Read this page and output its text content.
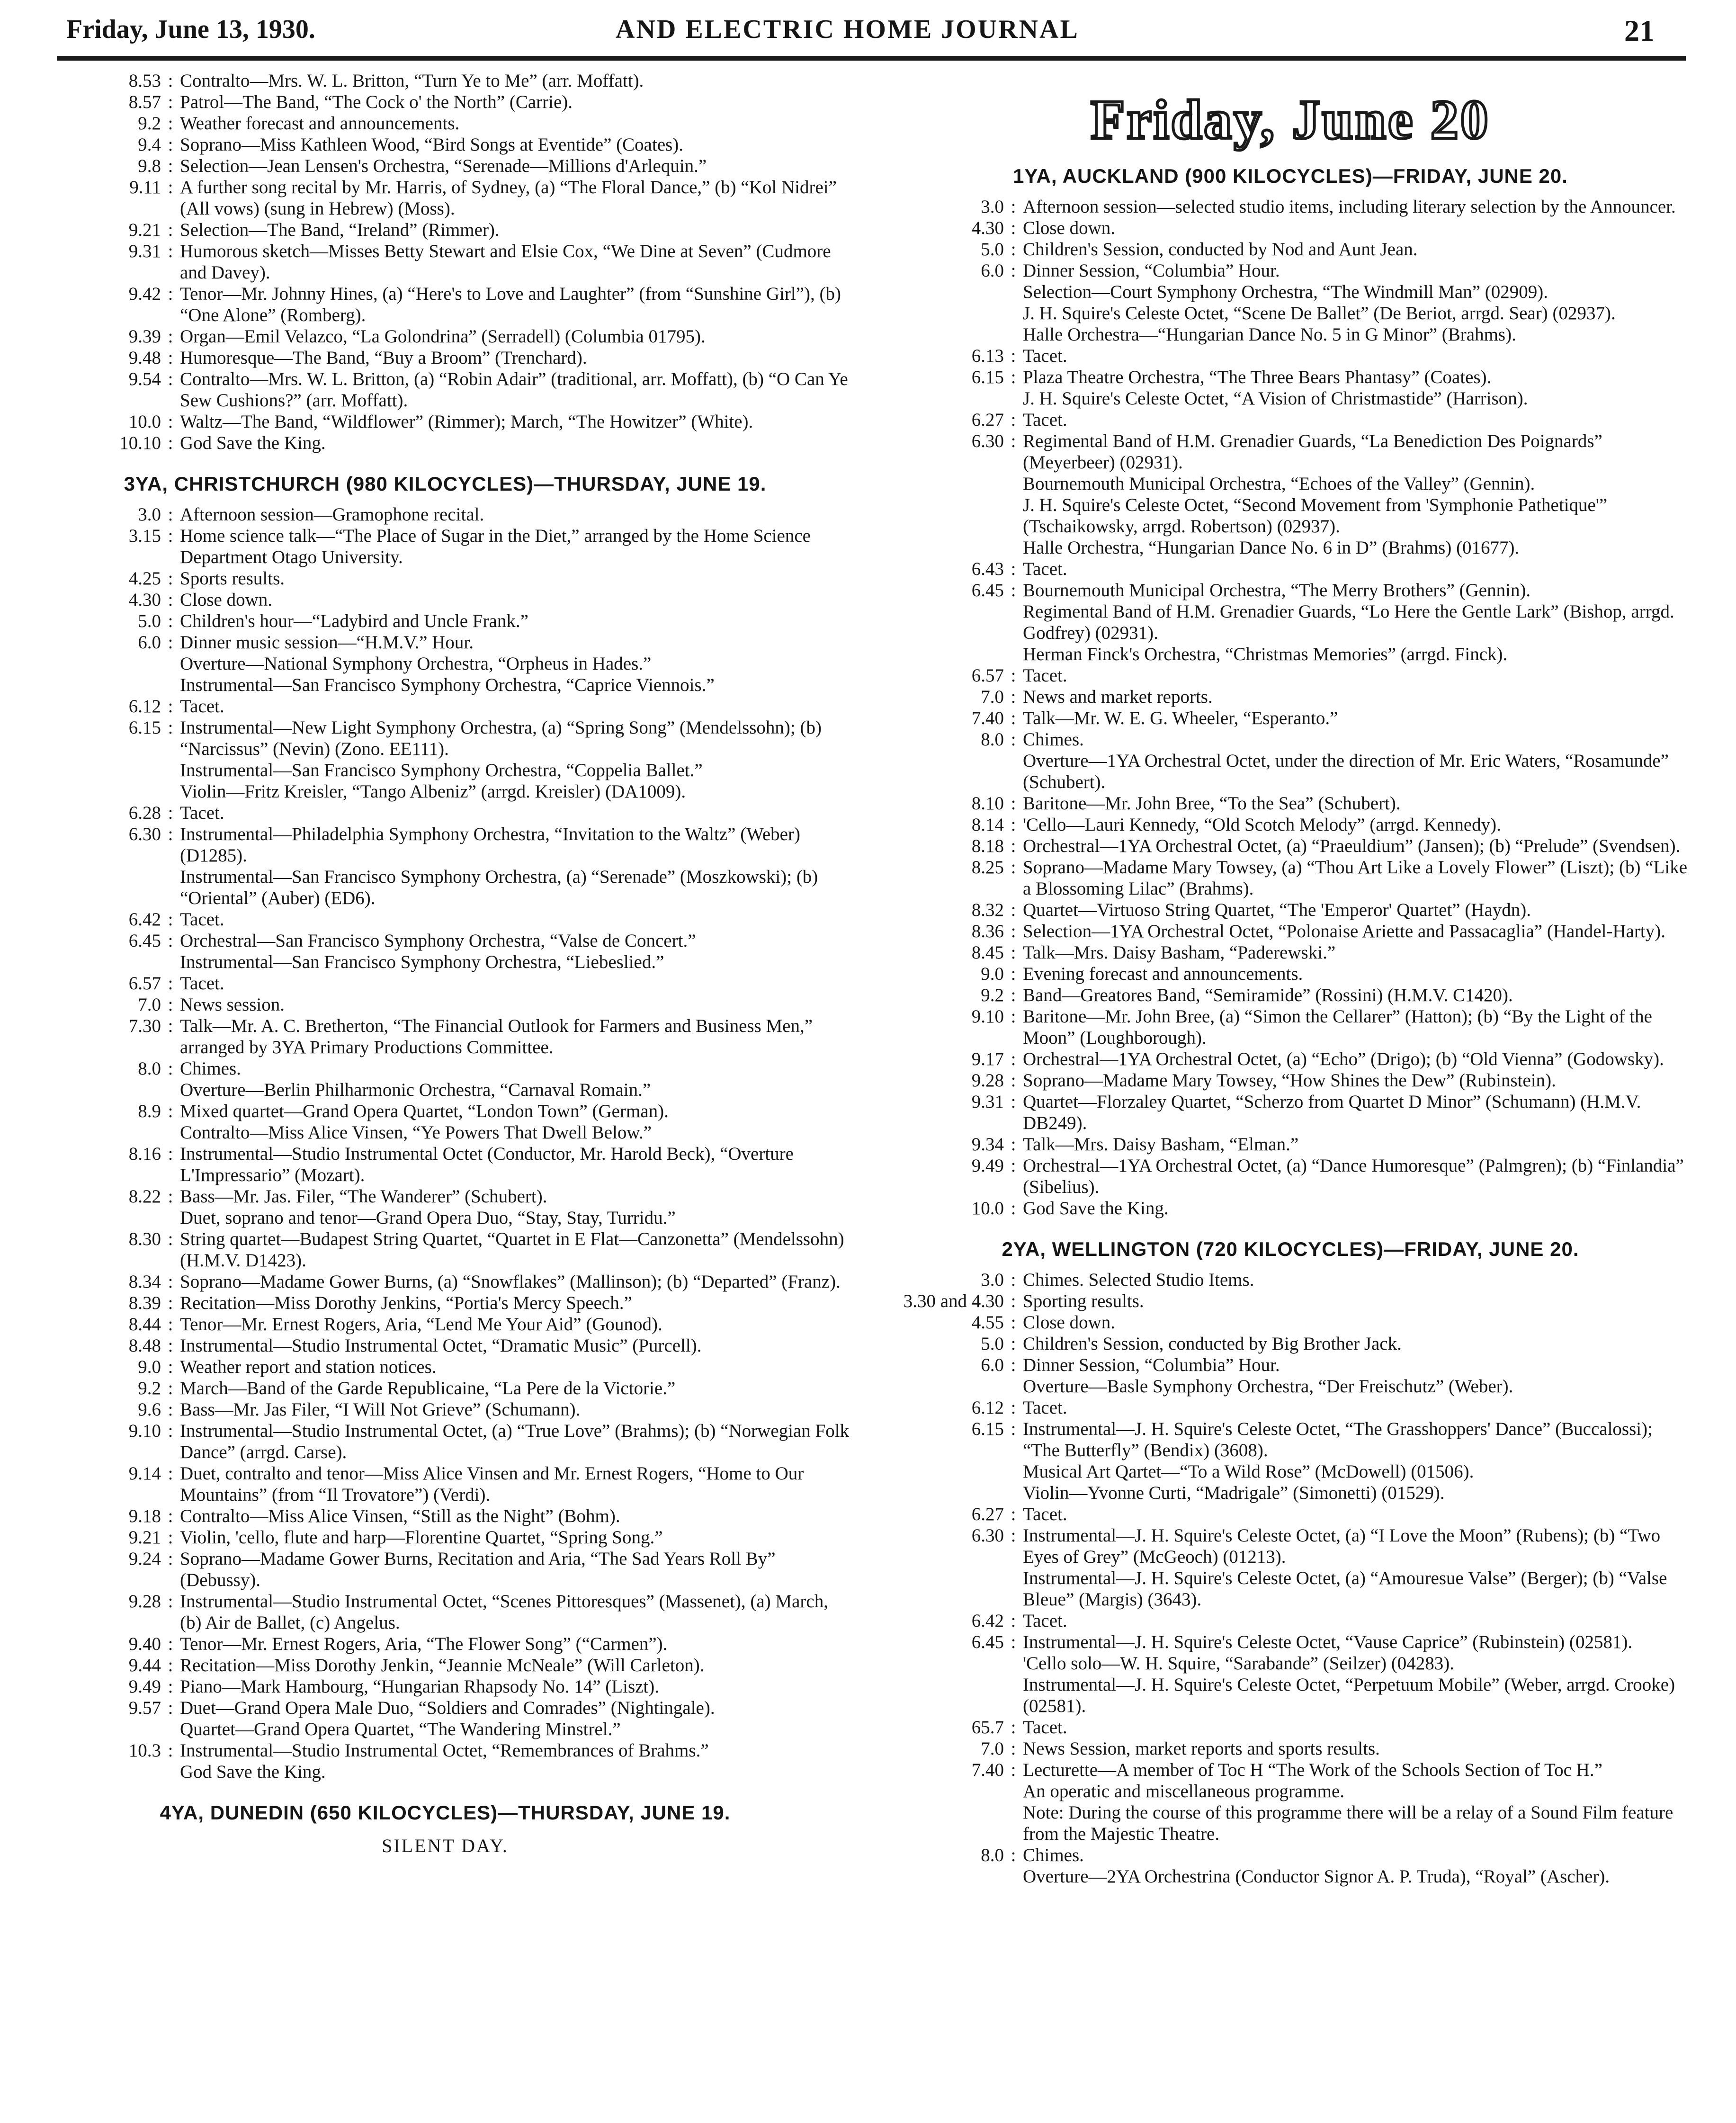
Friday, June 13, 1930.	AND ELECTRIC HOME JOURNAL	21
8.53 : Contralto—Mrs. W. L. Britton, “Turn Ye to Me” (arr. Moffatt).
8.57 : Patrol—The Band, “The Cock o' the North” (Carrie).
9.2 : Weather forecast and announcements.
9.4 : Soprano—Miss Kathleen Wood, “Bird Songs at Eventide” (Coates).
9.8 : Selection—Jean Lensen's Orchestra, “Serenade—Millions d'Arlequin.”
9.11 : A further song recital by Mr. Harris, of Sydney, (a) “The Floral Dance,” (b) “Kol Nidrei” (All vows) (sung in Hebrew) (Moss).
9.21 : Selection—The Band, “Ireland” (Rimmer).
9.31 : Humorous sketch—Misses Betty Stewart and Elsie Cox, “We Dine at Seven” (Cudmore and Davey).
9.42 : Tenor—Mr. Johnny Hines, (a) “Here's to Love and Laughter” (from “Sunshine Girl”), (b) “One Alone” (Romberg).
9.39 : Organ—Emil Velazco, “La Golondrina” (Serradell) (Columbia 01795).
9.48 : Humoresque—The Band, “Buy a Broom” (Trenchard).
9.54 : Contralto—Mrs. W. L. Britton, (a) “Robin Adair” (traditional, arr. Moffatt), (b) “O Can Ye Sew Cushions?” (arr. Moffatt).
10.0 : Waltz—The Band, “Wildflower” (Rimmer); March, “The Howitzer” (White).
10.10 : God Save the King.
3YA, CHRISTCHURCH (980 KILOCYCLES)—THURSDAY, JUNE 19.
3.0 : Afternoon session—Gramophone recital.
3.15 : Home science talk—“The Place of Sugar in the Diet,” arranged by the Home Science Department Otago University.
4.25 : Sports results.
4.30 : Close down.
5.0 : Children's hour—“Ladybird and Uncle Frank.”
6.0 : Dinner music session—“H.M.V.” Hour.
Overture—National Symphony Orchestra, “Orpheus in Hades.”
Instrumental—San Francisco Symphony Orchestra, “Caprice Viennois.”
6.12 : Tacet.
6.15 : Instrumental—New Light Symphony Orchestra, (a) “Spring Song” (Mendelssohn); (b) “Narcissus” (Nevin) (Zono. EE111).
Instrumental—San Francisco Symphony Orchestra, “Coppelia Ballet.”
Violin—Fritz Kreisler, “Tango Albeniz” (arrgd. Kreisler) (DA1009).
6.28 : Tacet.
6.30 : Instrumental—Philadelphia Symphony Orchestra, “Invitation to the Waltz” (Weber) (D1285).
Instrumental—San Francisco Symphony Orchestra, (a) “Serenade” (Moszkowski); (b) “Oriental” (Auber) (ED6).
6.42 : Tacet.
6.45 : Orchestral—San Francisco Symphony Orchestra, “Valse de Concert.”
Instrumental—San Francisco Symphony Orchestra, “Liebeslied.”
6.57 : Tacet.
7.0 : News session.
7.30 : Talk—Mr. A. C. Bretherton, “The Financial Outlook for Farmers and Business Men,” arranged by 3YA Primary Productions Committee.
8.0 : Chimes.
Overture—Berlin Philharmonic Orchestra, “Carnaval Romain.”
8.9 : Mixed quartet—Grand Opera Quartet, “London Town” (German).
Contralto—Miss Alice Vinsen, “Ye Powers That Dwell Below.”
8.16 : Instrumental—Studio Instrumental Octet (Conductor, Mr. Harold Beck), “Overture L'Impressario” (Mozart).
8.22 : Bass—Mr. Jas. Filer, “The Wanderer” (Schubert).
Duet, soprano and tenor—Grand Opera Duo, “Stay, Stay, Turridu.”
8.30 : String quartet—Budapest String Quartet, “Quartet in E Flat—Canzonetta” (Mendelssohn) (H.M.V. D1423).
8.34 : Soprano—Madame Gower Burns, (a) “Snowflakes” (Mallinson); (b) “Departed” (Franz).
8.39 : Recitation—Miss Dorothy Jenkins, “Portia's Mercy Speech.”
8.44 : Tenor—Mr. Ernest Rogers, Aria, “Lend Me Your Aid” (Gounod).
8.48 : Instrumental—Studio Instrumental Octet, “Dramatic Music” (Purcell).
9.0 : Weather report and station notices.
9.2 : March—Band of the Garde Republicaine, “La Pere de la Victorie.”
9.6 : Bass—Mr. Jas Filer, “I Will Not Grieve” (Schumann).
9.10 : Instrumental—Studio Instrumental Octet, (a) “True Love” (Brahms); (b) “Norwegian Folk Dance” (arrgd. Carse).
9.14 : Duet, contralto and tenor—Miss Alice Vinsen and Mr. Ernest Rogers, “Home to Our Mountains” (from “Il Trovatore”) (Verdi).
9.18 : Contralto—Miss Alice Vinsen, “Still as the Night” (Bohm).
9.21 : Violin, 'cello, flute and harp—Florentine Quartet, “Spring Song.”
9.24 : Soprano—Madame Gower Burns, Recitation and Aria, “The Sad Years Roll By” (Debussy).
9.28 : Instrumental—Studio Instrumental Octet, “Scenes Pittoresques” (Massenet), (a) March, (b) Air de Ballet, (c) Angelus.
9.40 : Tenor—Mr. Ernest Rogers, Aria, “The Flower Song” (“Carmen”).
9.44 : Recitation—Miss Dorothy Jenkin, “Jeannie McNeale” (Will Carleton).
9.49 : Piano—Mark Hambourg, “Hungarian Rhapsody No. 14” (Liszt).
9.57 : Duet—Grand Opera Male Duo, “Soldiers and Comrades” (Nightingale).
Quartet—Grand Opera Quartet, “The Wandering Minstrel.”
10.3 : Instrumental—Studio Instrumental Octet, “Remembrances of Brahms.”
God Save the King.
4YA, DUNEDIN (650 KILOCYCLES)—THURSDAY, JUNE 19.
SILENT DAY.
Friday, June 20
1YA, AUCKLAND (900 KILOCYCLES)—FRIDAY, JUNE 20.
3.0 : Afternoon session—selected studio items, including literary selection by the Announcer.
4.30 : Close down.
5.0 : Children's Session, conducted by Nod and Aunt Jean.
6.0 : Dinner Session, “Columbia” Hour.
Selection—Court Symphony Orchestra, “The Windmill Man” (02909).
J. H. Squire's Celeste Octet, “Scene De Ballet” (De Beriot, arrgd. Sear) (02937).
Halle Orchestra—“Hungarian Dance No. 5 in G Minor” (Brahms).
6.13 : Tacet.
6.15 : Plaza Theatre Orchestra, “The Three Bears Phantasy” (Coates).
J. H. Squire's Celeste Octet, “A Vision of Christmastide” (Harrison).
6.27 : Tacet.
6.30 : Regimental Band of H.M. Grenadier Guards, “La Benediction Des Poignards” (Meyerbeer) (02931).
Bournemouth Municipal Orchestra, “Echoes of the Valley” (Gennin).
J. H. Squire's Celeste Octet, “Second Movement from 'Symphonie Pathetique'” (Tschaikowsky, arrgd. Robertson) (02937).
Halle Orchestra, “Hungarian Dance No. 6 in D” (Brahms) (01677).
6.43 : Tacet.
6.45 : Bournemouth Municipal Orchestra, “The Merry Brothers” (Gennin).
Regimental Band of H.M. Grenadier Guards, “Lo Here the Gentle Lark” (Bishop, arrgd. Godfrey) (02931).
Herman Finck's Orchestra, “Christmas Memories” (arrgd. Finck).
6.57 : Tacet.
7.0 : News and market reports.
7.40 : Talk—Mr. W. E. G. Wheeler, “Esperanto.”
8.0 : Chimes.
Overture—1YA Orchestral Octet, under the direction of Mr. Eric Waters, “Rosamunde” (Schubert).
8.10 : Baritone—Mr. John Bree, “To the Sea” (Schubert).
8.14 : 'Cello—Lauri Kennedy, “Old Scotch Melody” (arrgd. Kennedy).
8.18 : Orchestral—1YA Orchestral Octet, (a) “Praeuldium” (Jansen); (b) “Prelude” (Svendsen).
8.25 : Soprano—Madame Mary Towsey, (a) “Thou Art Like a Lovely Flower” (Liszt); (b) “Like a Blossoming Lilac” (Brahms).
8.32 : Quartet—Virtuoso String Quartet, “The 'Emperor' Quartet” (Haydn).
8.36 : Selection—1YA Orchestral Octet, “Polonaise Ariette and Passacaglia” (Handel-Harty).
8.45 : Talk—Mrs. Daisy Basham, “Paderewski.”
9.0 : Evening forecast and announcements.
9.2 : Band—Greatores Band, “Semiramide” (Rossini) (H.M.V. C1420).
9.10 : Baritone—Mr. John Bree, (a) “Simon the Cellarer” (Hatton); (b) “By the Light of the Moon” (Loughborough).
9.17 : Orchestral—1YA Orchestral Octet, (a) “Echo” (Drigo); (b) “Old Vienna” (Godowsky).
9.28 : Soprano—Madame Mary Towsey, “How Shines the Dew” (Rubinstein).
9.31 : Quartet—Florzaley Quartet, “Scherzo from Quartet D Minor” (Schumann) (H.M.V. DB249).
9.34 : Talk—Mrs. Daisy Basham, “Elman.”
9.49 : Orchestral—1YA Orchestral Octet, (a) “Dance Humoresque” (Palmgren); (b) “Finlandia” (Sibelius).
10.0 : God Save the King.
2YA, WELLINGTON (720 KILOCYCLES)—FRIDAY, JUNE 20.
3.0 : Chimes. Selected Studio Items.
3.30 and 4.30 : Sporting results.
4.55 : Close down.
5.0 : Children's Session, conducted by Big Brother Jack.
6.0 : Dinner Session, “Columbia” Hour.
Overture—Basle Symphony Orchestra, “Der Freischutz” (Weber).
6.12 : Tacet.
6.15 : Instrumental—J. H. Squire's Celeste Octet, “The Grasshoppers' Dance” (Buccalossi); “The Butterfly” (Bendix) (3608).
Musical Art Qartet—“To a Wild Rose” (McDowell) (01506).
Violin—Yvonne Curti, “Madrigale” (Simonetti) (01529).
6.27 : Tacet.
6.30 : Instrumental—J. H. Squire's Celeste Octet, (a) “I Love the Moon” (Rubens); (b) “Two Eyes of Grey” (McGeoch) (01213).
Instrumental—J. H. Squire's Celeste Octet, (a) “Amouresue Valse” (Berger); (b) “Valse Bleue” (Margis) (3643).
6.42 : Tacet.
6.45 : Instrumental—J. H. Squire's Celeste Octet, “Vause Caprice” (Rubinstein) (02581).
'Cello solo—W. H. Squire, “Sarabande” (Seilzer) (04283).
Instrumental—J. H. Squire's Celeste Octet, “Perpetuum Mobile” (Weber, arrgd. Crooke) (02581).
65.7 : Tacet.
7.0 : News Session, market reports and sports results.
7.40 : Lecturette—A member of Toc H “The Work of the Schools Section of Toc H.”
An operatic and miscellaneous programme.
Note: During the course of this programme there will be a relay of a Sound Film feature from the Majestic Theatre.
8.0 : Chimes.
Overture—2YA Orchestrina (Conductor Signor A. P. Truda), “Royal” (Ascher).
